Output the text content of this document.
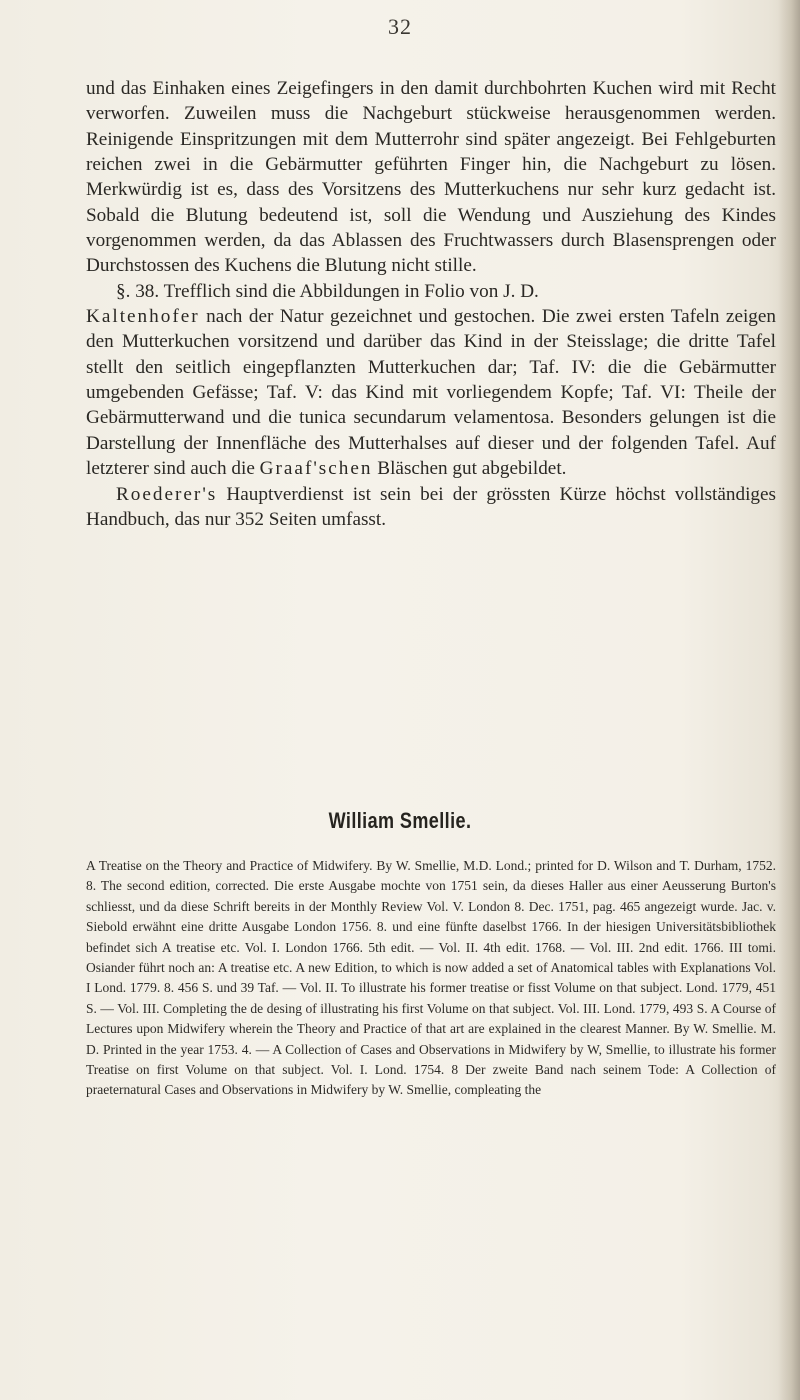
32

und das Einhaken eines Zeigefingers in den damit durchbohrten Kuchen wird mit Recht verworfen. Zuweilen muss die Nachgeburt stückweise herausgenommen werden. Reinigende Einspritzungen mit dem Mutterrohr sind später angezeigt. Bei Fehlgeburten reichen zwei in die Gebärmutter geführten Finger hin, die Nachgeburt zu lösen. Merkwürdig ist es, dass des Vorsitzens des Mutterkuchens nur sehr kurz gedacht ist. Sobald die Blutung bedeutend ist, soll die Wendung und Ausziehung des Kindes vorgenommen werden, da das Ablassen des Fruchtwassers durch Blasensprengen oder Durchstossen des Kuchens die Blutung nicht stille.

§. 38. Trefflich sind die Abbildungen in Folio von J. D.
Kaltenhofer nach der Natur gezeichnet und gestochen. Die zwei ersten Tafeln zeigen den Mutterkuchen vorsitzend und darüber das Kind in der Steisslage; die dritte Tafel stellt den seitlich eingepflanzten Mutterkuchen dar; Taf. IV: die die Gebärmutter umgebenden Gefässe; Taf. V: das Kind mit vorliegendem Kopfe; Taf. VI: Theile der Gebärmutterwand und die tunica secundarum velamentosa. Besonders gelungen ist die Darstellung der Innenfläche des Mutterhalses auf dieser und der folgenden Tafel. Auf letzterer sind auch die Graaf'schen Bläschen gut abgebildet.

Roederer's Hauptverdienst ist sein bei der grössten Kürze höchst vollständiges Handbuch, das nur 352 Seiten umfasst.

William Smellie.

A Treatise on the Theory and Practice of Midwifery. By W. Smellie, M.D. Lond.; printed for D. Wilson and T. Durham, 1752. 8. The second edition, corrected. Die erste Ausgabe mochte von 1751 sein, da dieses Haller aus einer Aeusserung Burton's schliesst, und da diese Schrift bereits in der Monthly Review Vol. V. London 8. Dec. 1751, pag. 465 angezeigt wurde. Jac. v. Siebold erwähnt eine dritte Ausgabe London 1756. 8. und eine fünfte daselbst 1766. In der hiesigen Universitätsbibliothek befindet sich A treatise etc. Vol. I. London 1766. 5th edit. — Vol. II. 4th edit. 1768. — Vol. III. 2nd edit. 1766. III tomi. Osiander führt noch an: A treatise etc. A new Edition, to which is now added a set of Anatomical tables with Explanations Vol. I Lond. 1779. 8. 456 S. und 39 Taf. — Vol. II. To illustrate his former treatise or fisst Volume on that subject. Lond. 1779, 451 S. — Vol. III. Completing the de desing of illustrating his first Volume on that subject. Vol. III. Lond. 1779, 493 S. A Course of Lectures upon Midwifery wherein the Theory and Practice of that art are explained in the clearest Manner. By W. Smellie. M. D. Printed in the year 1753. 4. — A Collection of Cases and Observations in Midwifery by W, Smellie, to illustrate his former Treatise on first Volume on that subject. Vol. I. Lond. 1754. 8 Der zweite Band nach seinem Tode: A Collection of praeternatural Cases and Observations in Midwifery by W. Smellie, compleating the
